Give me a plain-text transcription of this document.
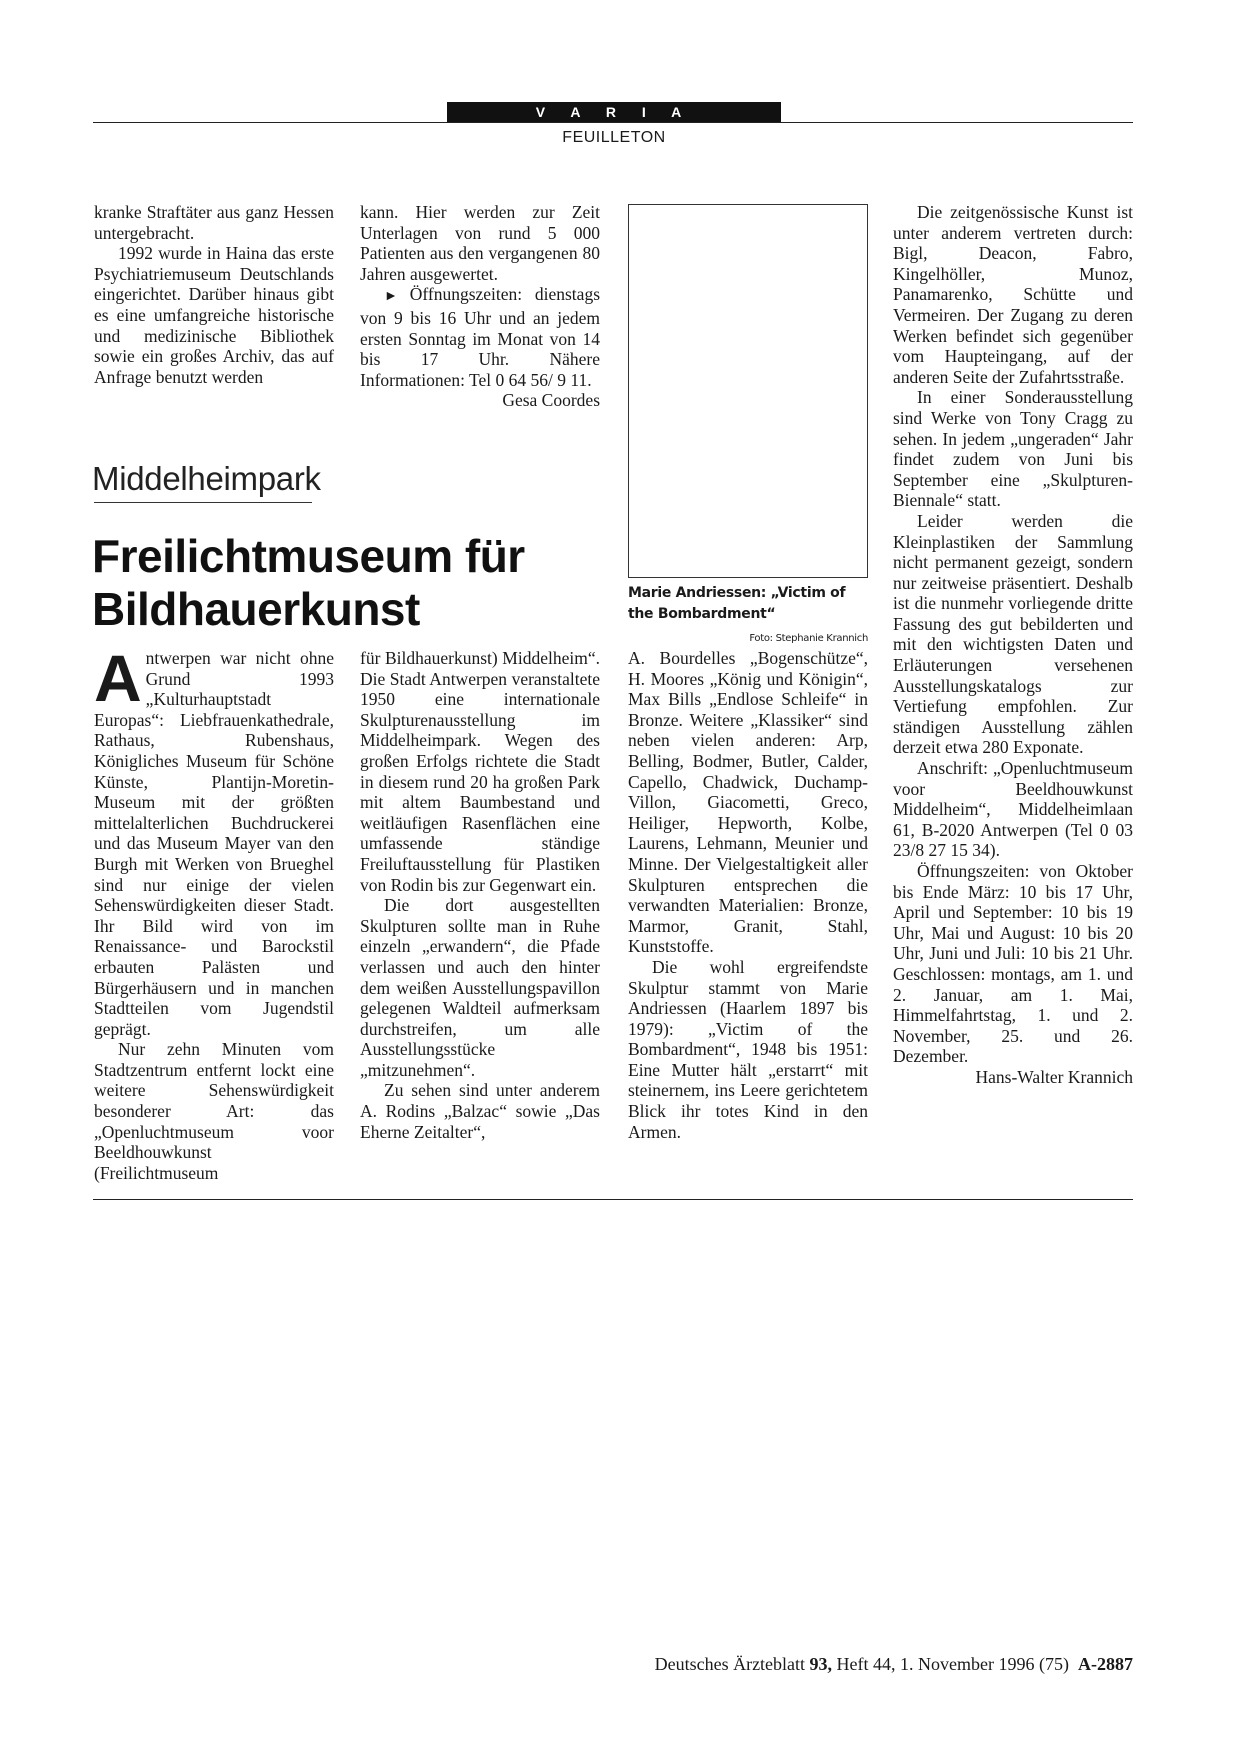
V A R I A
FEUILLETON

kranke Straftäter aus ganz Hessen untergebracht.

1992 wurde in Haina das erste Psychiatriemuseum Deutschlands eingerichtet. Darüber hinaus gibt es eine umfangreiche historische und medizinische Bibliothek sowie ein großes Archiv, das auf Anfrage benutzt werden

kann. Hier werden zur Zeit Unterlagen von rund 5 000 Patienten aus den vergangenen 80 Jahren ausgewertet.

► Öffnungszeiten: dienstags von 9 bis 16 Uhr und an jedem ersten Sonntag im Monat von 14 bis 17 Uhr. Nähere Informationen: Tel 0 64 56/ 9 11.
Gesa Coordes

Middelheimpark
Freilichtmuseum für Bildhauerkunst

Antwerpen war nicht ohne Grund 1993 „Kulturhauptstadt Europas“: Liebfrauenkathedrale, Rathaus, Rubenshaus, Königliches Museum für Schöne Künste, Plantijn-Moretin-Museum mit der größten mittelalterlichen Buchdruckerei und das Museum Mayer van den Burgh mit Werken von Brueghel sind nur einige der vielen Sehenswürdigkeiten dieser Stadt. Ihr Bild wird von im Renaissance- und Barockstil erbauten Palästen und Bürgerhäusern und in manchen Stadtteilen vom Jugendstil geprägt.

Nur zehn Minuten vom Stadtzentrum entfernt lockt eine weitere Sehenswürdigkeit besonderer Art: das „Openluchtmuseum voor Beeldhouwkunst (Freilichtmuseum

für Bildhauerkunst) Middelheim“. Die Stadt Antwerpen veranstaltete 1950 eine internationale Skulpturenausstellung im Middelheimpark. Wegen des großen Erfolgs richtete die Stadt in diesem rund 20 ha großen Park mit altem Baumbestand und weitläufigen Rasenflächen eine umfassende ständige Freiluftausstellung für Plastiken von Rodin bis zur Gegenwart ein.

Die dort ausgestellten Skulpturen sollte man in Ruhe einzeln „erwandern“, die Pfade verlassen und auch den hinter dem weißen Ausstellungspavillon gelegenen Waldteil aufmerksam durchstreifen, um alle Ausstellungsstücke „mitzunehmen“.

Zu sehen sind unter anderem A. Rodins „Balzac“ sowie „Das Eherne Zeitalter“,

Marie Andriessen: „Victim of the Bombardment“
Foto: Stephanie Krannich

A. Bourdelles „Bogenschütze“, H. Moores „König und Königin“, Max Bills „Endlose Schleife“ in Bronze. Weitere „Klassiker“ sind neben vielen anderen: Arp, Belling, Bodmer, Butler, Calder, Capello, Chadwick, Duchamp-Villon, Giacometti, Greco, Heiliger, Hepworth, Kolbe, Laurens, Lehmann, Meunier und Minne. Der Vielgestaltigkeit aller Skulpturen entsprechen die verwandten Materialien: Bronze, Marmor, Granit, Stahl, Kunststoffe.

Die wohl ergreifendste Skulptur stammt von Marie Andriessen (Haarlem 1897 bis 1979): „Victim of the Bombardment“, 1948 bis 1951: Eine Mutter hält „erstarrt“ mit steinernem, ins Leere gerichtetem Blick ihr totes Kind in den Armen.

Die zeitgenössische Kunst ist unter anderem vertreten durch: Bigl, Deacon, Fabro, Kingelhöller, Munoz, Panamarenko, Schütte und Vermeiren. Der Zugang zu deren Werken befindet sich gegenüber vom Haupteingang, auf der anderen Seite der Zufahrtsstraße.

In einer Sonderausstellung sind Werke von Tony Cragg zu sehen. In jedem „ungeraden“ Jahr findet zudem von Juni bis September eine „Skulpturen-Biennale“ statt.

Leider werden die Kleinplastiken der Sammlung nicht permanent gezeigt, sondern nur zeitweise präsentiert. Deshalb ist die nunmehr vorliegende dritte Fassung des gut bebilderten und mit den wichtigsten Daten und Erläuterungen versehenen Ausstellungskatalogs zur Vertiefung empfohlen. Zur ständigen Ausstellung zählen derzeit etwa 280 Exponate.

Anschrift: „Openluchtmuseum voor Beeldhouwkunst Middelheim“, Middelheimlaan 61, B-2020 Antwerpen (Tel 0 03 23/8 27 15 34).

Öffnungszeiten: von Oktober bis Ende März: 10 bis 17 Uhr, April und September: 10 bis 19 Uhr, Mai und August: 10 bis 20 Uhr, Juni und Juli: 10 bis 21 Uhr. Geschlossen: montags, am 1. und 2. Januar, am 1. Mai, Himmelfahrtstag, 1. und 2. November, 25. und 26. Dezember.
Hans-Walter Krannich

Deutsches Ärzteblatt 93, Heft 44, 1. November 1996 (75) A-2887
